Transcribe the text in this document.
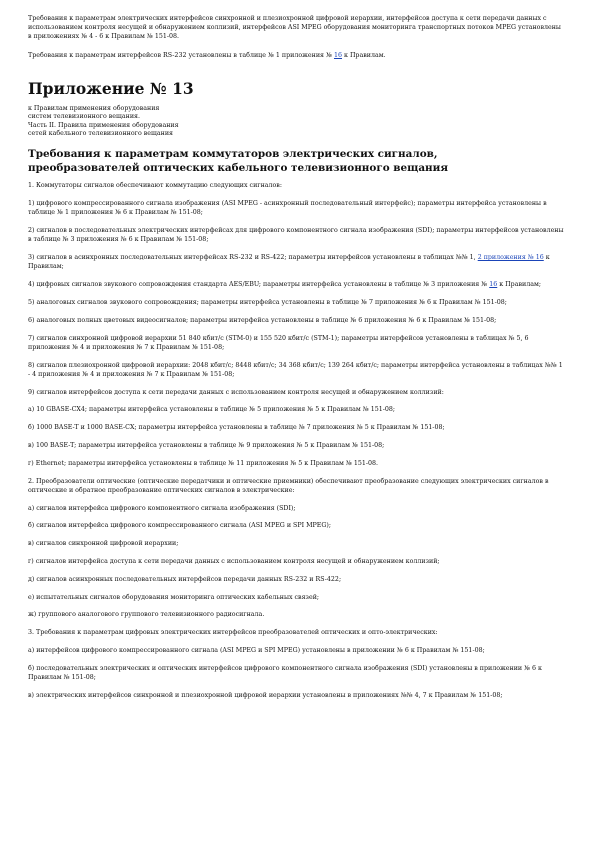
Требования к параметрам электрических интерфейсов синхронной и плезиохронной цифровой иерархии, интерфейсов доступа к сети передачи данных с использованием контроля несущей и обнаружением коллизий, интерфейсов ASI MPEG оборудования мониторинга транспортных потоков MPEG установлены в приложениях № 4 - 6 к Правилам № 151-08.

Требования к параметрам интерфейсов RS-232 установлены в таблице № 1 приложения № 16 к Правилам.

Приложение № 13

к Правилам применения оборудования

систем телевизионного вещания.

Часть II. Правила применения оборудования

сетей кабельного телевизионного вещания

Требования к параметрам коммутаторов электрических сигналов,
преобразователей оптических кабельного телевизионного вещания

1. Коммутаторы сигналов обеспечивают коммутацию следующих сигналов:

1) цифрового компрессированного сигнала изображения (ASI MPEG - асинхронный последовательный интерфейс); параметры интерфейса установлены в таблице № 1 приложения № 6 к Правилам № 151-08;

2) сигналов в последовательных электрических интерфейсах для цифрового компонентного сигнала изображения (SDI); параметры интерфейсов установлены в таблице № 3 приложения № 6 к Правилам № 151-08;

3) сигналов в асинхронных последовательных интерфейсах RS-232 и RS-422; параметры интерфейсов установлены в таблицах №№ 1, 2 приложения № 16 к Правилам;

4) цифровых сигналов звукового сопровождения стандарта AES/EBU; параметры интерфейса установлены в таблице № 3 приложения № 16 к Правилам;

5) аналоговых сигналов звукового сопровождения; параметры интерфейса установлены в таблице № 7 приложения № 6 к Правилам № 151-08;

6) аналоговых полных цветовых видеосигналов; параметры интерфейса установлены в таблице № 6 приложения № 6 к Правилам № 151-08;

7) сигналов синхронной цифровой иерархии 51 840 кбит/с (STM-0) и 155 520 кбит/с (STM-1); параметры интерфейсов установлены в таблицах № 5, 6 приложения № 4 и приложения № 7 к Правилам № 151-08;

8) сигналов плезиохронной цифровой иерархии: 2048 кбит/с; 8448 кбит/с; 34 368 кбит/с; 139 264 кбит/с; параметры интерфейса установлены в таблицах №№ 1 - 4 приложения № 4 и приложения № 7 к Правилам № 151-08;

9) сигналов интерфейсов доступа к сети передачи данных с использованием контроля несущей и обнаружением коллизий:

а) 10 GBASE-CX4; параметры интерфейса установлены в таблице № 5 приложения № 5 к Правилам № 151-08;

б) 1000 BASE-T и 1000 BASE-CX; параметры интерфейса установлены в таблице № 7 приложения № 5 к Правилам № 151-08;

в) 100 BASE-T; параметры интерфейса установлены в таблице № 9 приложения № 5 к Правилам № 151-08;

г) Ethernet; параметры интерфейса установлены в таблице № 11 приложения № 5 к Правилам № 151-08.

2. Преобразователи оптические (оптические передатчики и оптические приемники) обеспечивают преобразование следующих электрических сигналов в оптические и обратное преобразование оптических сигналов в электрические:

а) сигналов интерфейса цифрового компонентного сигнала изображения (SDI);

б) сигналов интерфейса цифрового компрессированного сигнала (ASI MPEG и SPI MPEG);

в) сигналов синхронной цифровой иерархии;

г) сигналов интерфейса доступа к сети передачи данных с использованием контроля несущей и обнаружением коллизий;

д) сигналов асинхронных последовательных интерфейсов передачи данных RS-232 и RS-422;

е) испытательных сигналов оборудования мониторинга оптических кабельных связей;

ж) группового аналогового группового телевизионного радиосигнала.

3. Требования к параметрам цифровых электрических интерфейсов преобразователей оптических и опто-электрических:

а) интерфейсов цифрового компрессированного сигнала (ASI MPEG и SPI MPEG) установлены в приложении № 6 к Правилам № 151-08;

б) последовательных электрических и оптических интерфейсов цифрового компонентного сигнала изображения (SDI) установлены в приложении № 6 к Правилам № 151-08;

в) электрических интерфейсов синхронной и плезиохронной цифровой иерархии установлены в приложениях №№ 4, 7 к Правилам № 151-08;
